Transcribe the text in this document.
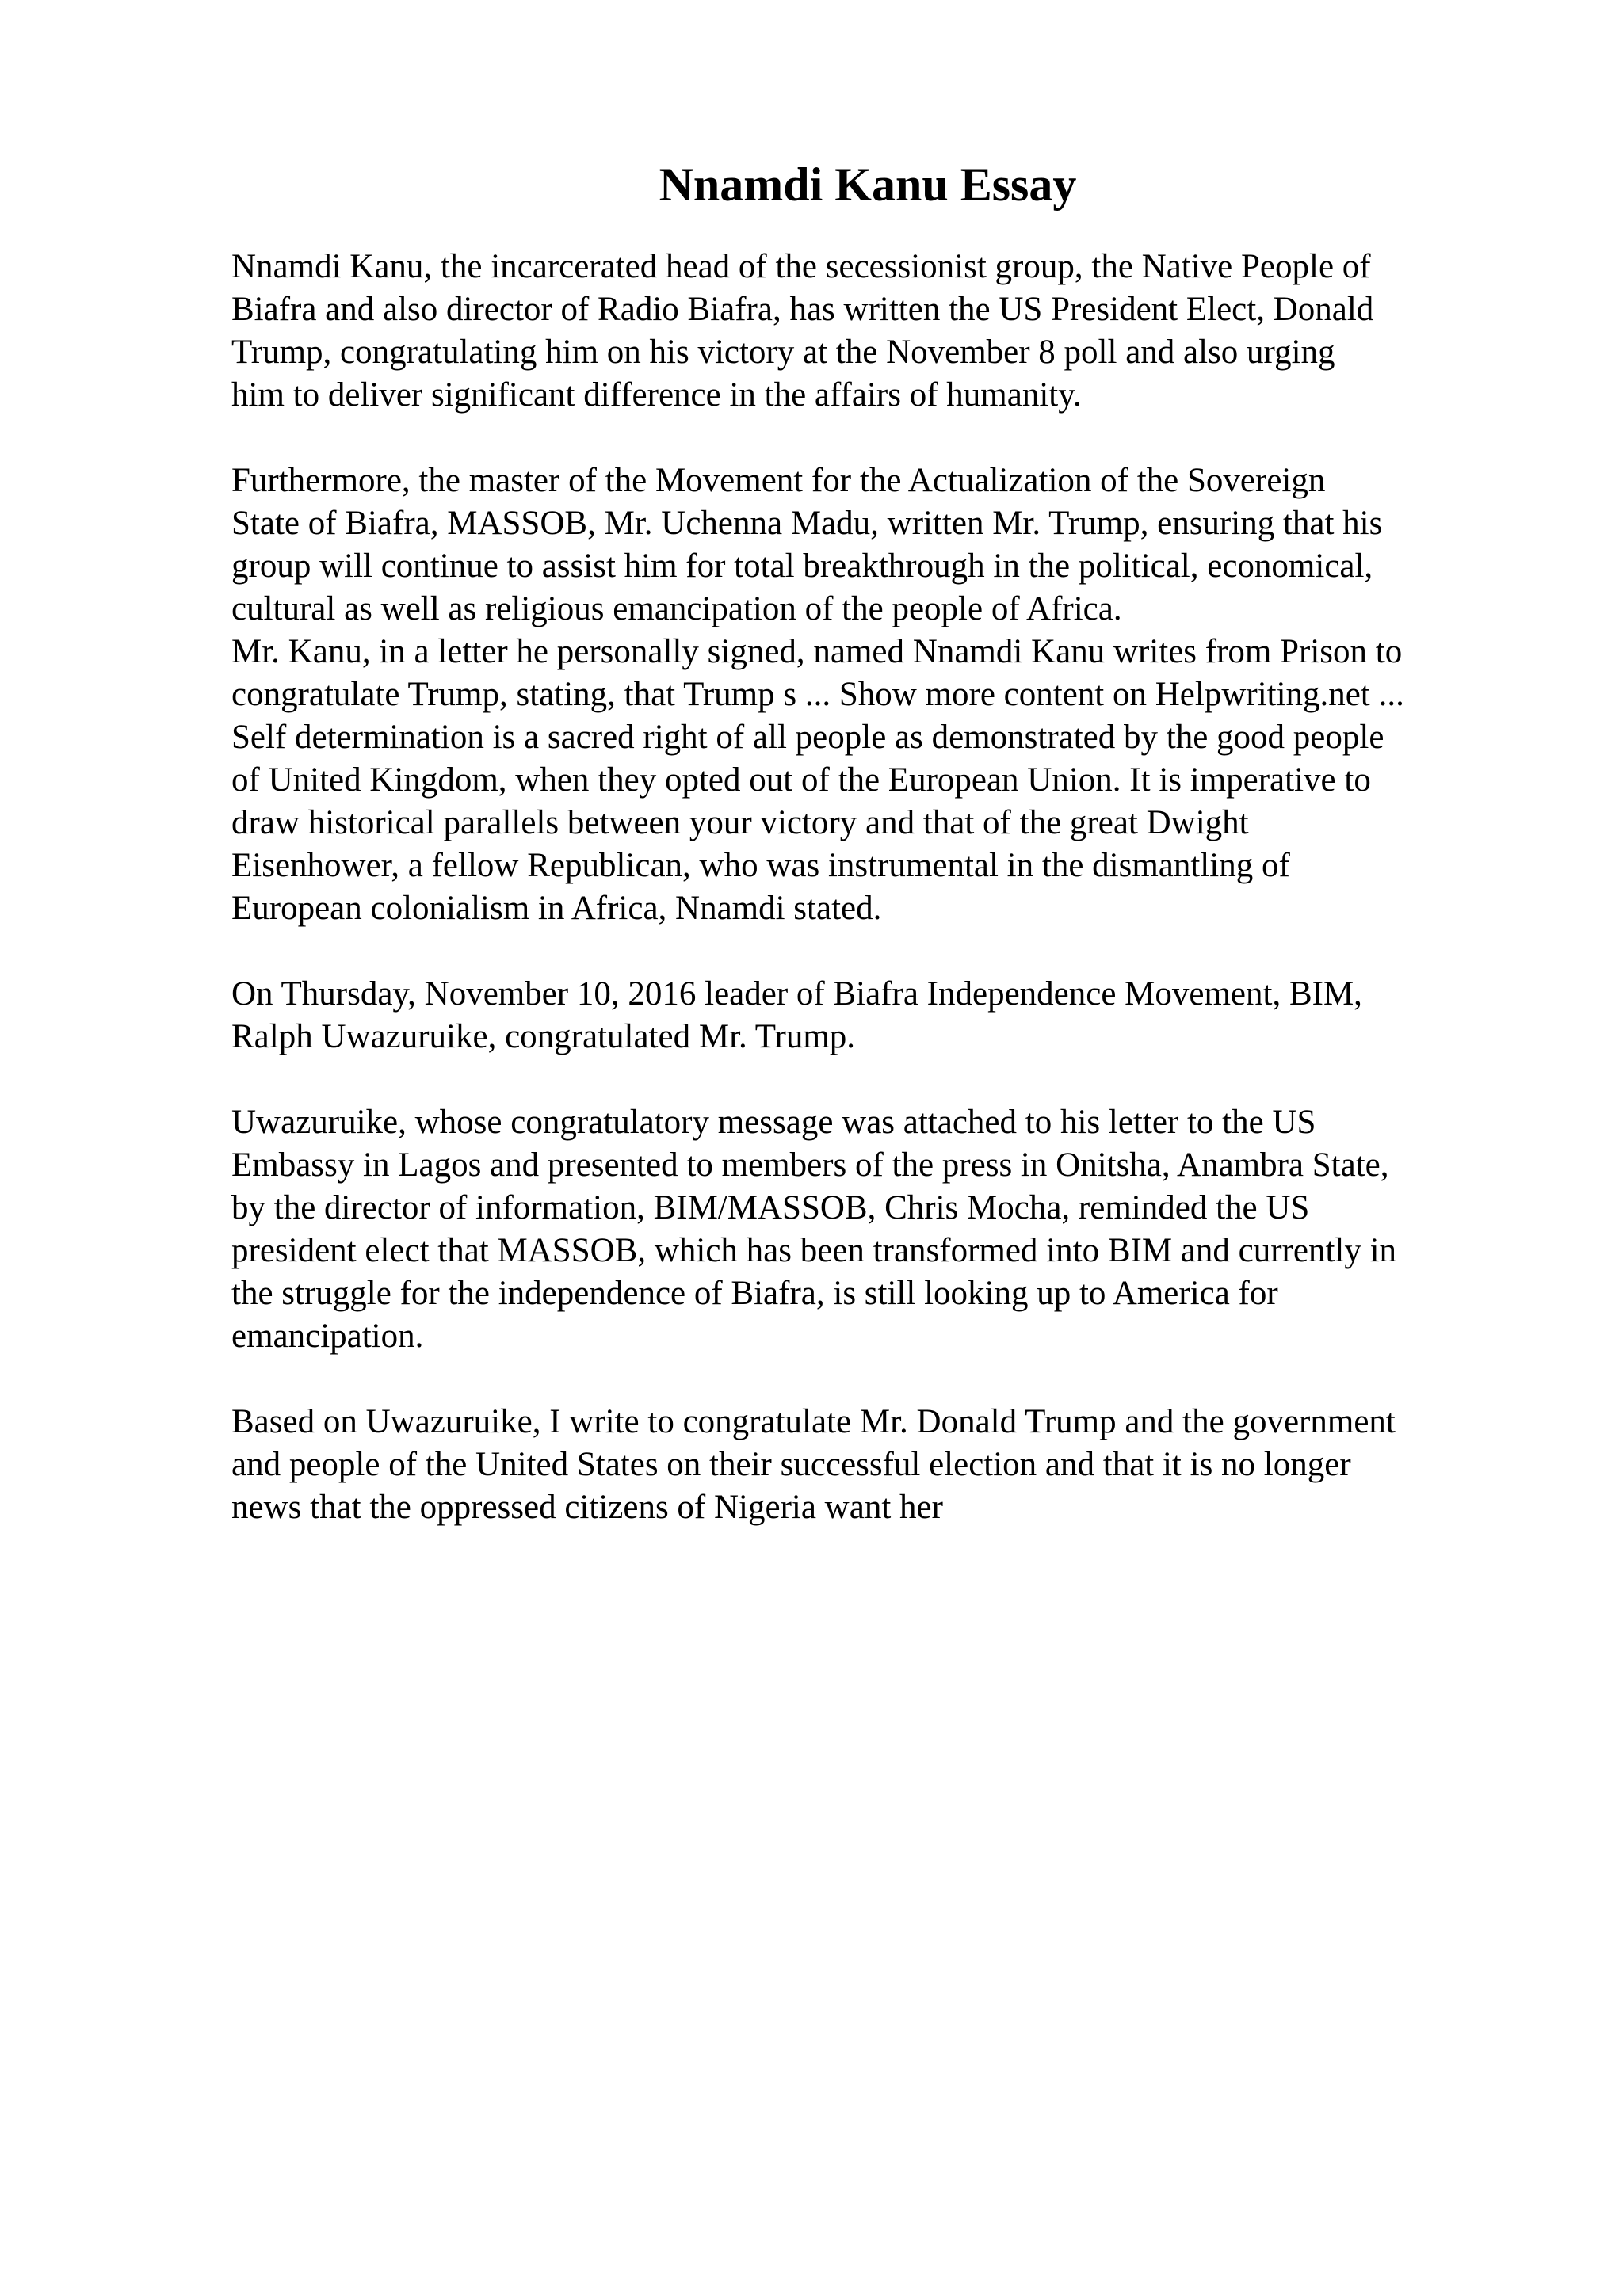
Nnamdi Kanu Essay
Nnamdi Kanu, the incarcerated head of the secessionist group, the Native People of
Biafra and also director of Radio Biafra, has written the US President Elect, Donald
Trump, congratulating him on his victory at the November 8 poll and also urging
him to deliver significant difference in the affairs of humanity.
Furthermore, the master of the Movement for the Actualization of the Sovereign
State of Biafra, MASSOB, Mr. Uchenna Madu, written Mr. Trump, ensuring that his
group will continue to assist him for total breakthrough in the political, economical,
cultural as well as religious emancipation of the people of Africa.
Mr. Kanu, in a letter he personally signed, named Nnamdi Kanu writes from Prison to
congratulate Trump, stating, that Trump s ... Show more content on Helpwriting.net ...
Self determination is a sacred right of all people as demonstrated by the good people
of United Kingdom, when they opted out of the European Union. It is imperative to
draw historical parallels between your victory and that of the great Dwight
Eisenhower, a fellow Republican, who was instrumental in the dismantling of
European colonialism in Africa, Nnamdi stated.
On Thursday, November 10, 2016 leader of Biafra Independence Movement, BIM,
Ralph Uwazuruike, congratulated Mr. Trump.
Uwazuruike, whose congratulatory message was attached to his letter to the US
Embassy in Lagos and presented to members of the press in Onitsha, Anambra State,
by the director of information, BIM/MASSOB, Chris Mocha, reminded the US
president elect that MASSOB, which has been transformed into BIM and currently in
the struggle for the independence of Biafra, is still looking up to America for
emancipation.
Based on Uwazuruike, I write to congratulate Mr. Donald Trump and the government
and people of the United States on their successful election and that it is no longer
news that the oppressed citizens of Nigeria want her
